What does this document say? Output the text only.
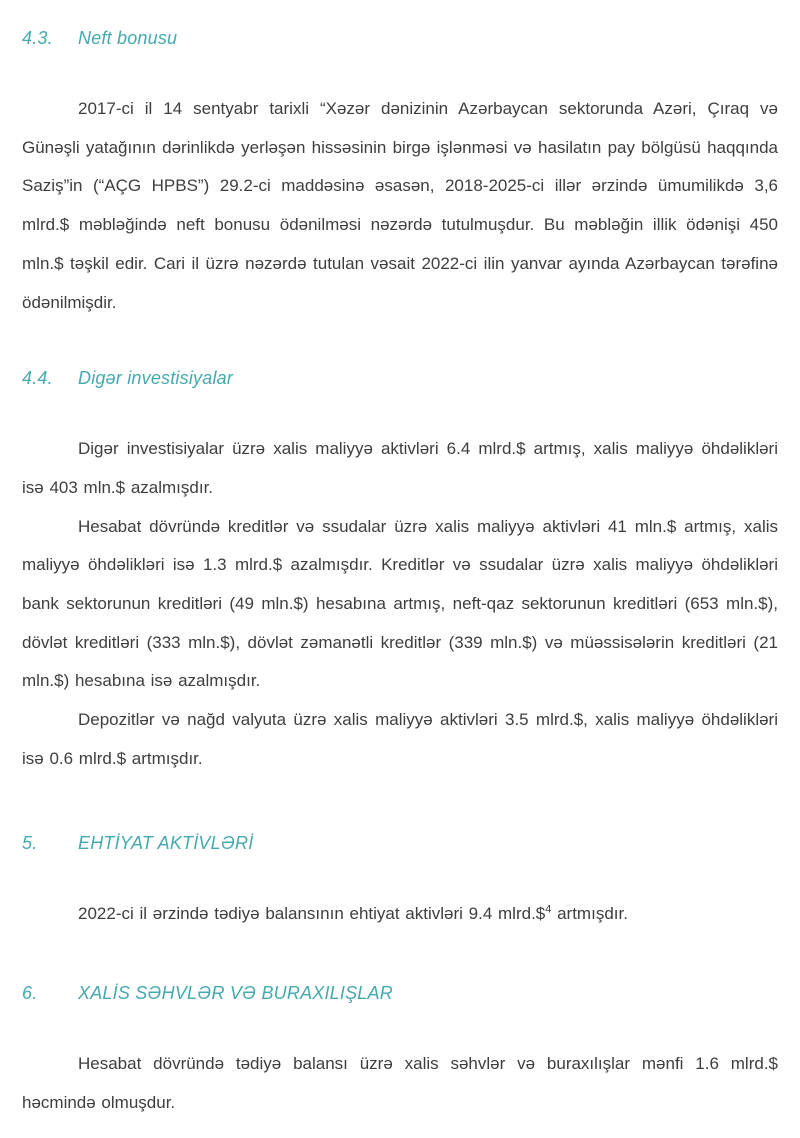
4.3.	Neft bonusu

2017-ci il 14 sentyabr tarixli “Xəzər dənizinin Azərbaycan sektorunda Azəri, Çıraq və Günəşli yatağının dərinlikdə yerləşən hissəsinin birgə işlənməsi və hasilatın pay bölgüsü haqqında Saziş”in (“AÇG HPBS”) 29.2-ci maddəsinə əsasən, 2018-2025-ci illər ərzində ümumilikdə 3,6 mlrd.$ məbləğində neft bonusu ödənilməsi nəzərdə tutulmuşdur. Bu məbləğin illik ödənişi 450 mln.$ təşkil edir. Cari il üzrə nəzərdə tutulan vəsait 2022-ci ilin yanvar ayında Azərbaycan tərəfinə ödənilmişdir.

4.4.	Digər investisiyalar

Digər investisiyalar üzrə xalis maliyyə aktivləri 6.4 mlrd.$ artmış, xalis maliyyə öhdəlikləri isə 403 mln.$ azalmışdır.

Hesabat dövründə kreditlər və ssudalar üzrə xalis maliyyə aktivləri 41 mln.$ artmış, xalis maliyyə öhdəlikləri isə 1.3 mlrd.$ azalmışdır. Kreditlər və ssudalar üzrə xalis maliyyə öhdəlikləri bank sektorunun kreditləri (49 mln.$) hesabına artmış, neft-qaz sektorunun kreditləri (653 mln.$), dövlət kreditləri (333 mln.$), dövlət zəmanətli kreditlər (339 mln.$) və müəssisələrin kreditləri (21 mln.$) hesabına isə azalmışdır.

Depozitlər və nağd valyuta üzrə xalis maliyyə aktivləri 3.5 mlrd.$, xalis maliyyə öhdəlikləri isə 0.6 mlrd.$ artmışdır.

5.	EHTİYAT AKTİVLƏRİ

2022-ci il ərzində tədiyə balansının ehtiyat aktivləri 9.4 mlrd.\$$^4$ artmışdır.

6.	XALİS SƏHVLƏR VƏ BURAXILIŞLAR

Hesabat dövründə tədiyə balansı üzrə xalis səhvlər və buraxılışlar mənfi 1.6 mlrd.$ həcmində olmuşdur.
